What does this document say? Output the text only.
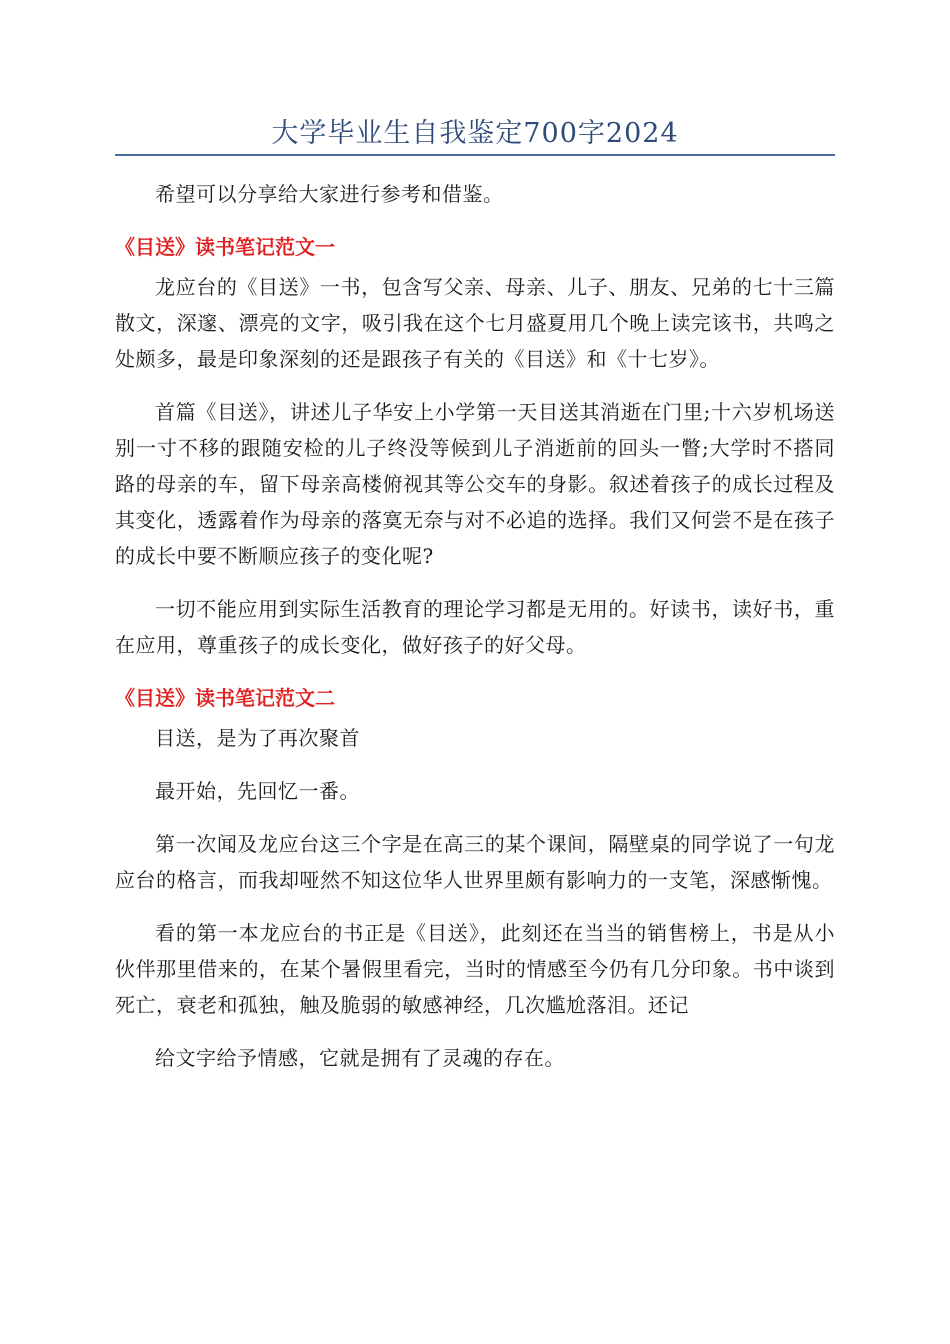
大学毕业生自我鉴定700字2024

希望可以分享给大家进行参考和借鉴。

《目送》读书笔记范文一

龙应台的《目送》一书，包含写父亲、母亲、儿子、朋友、兄弟的七十三篇散文，深邃、漂亮的文字，吸引我在这个七月盛夏用几个晚上读完该书，共鸣之处颇多，最是印象深刻的还是跟孩子有关的《目送》和《十七岁》。

首篇《目送》，讲述儿子华安上小学第一天目送其消逝在门里;十六岁机场送别一寸不移的跟随安检的儿子终没等候到儿子消逝前的回头一瞥;大学时不搭同路的母亲的车，留下母亲高楼俯视其等公交车的身影。叙述着孩子的成长过程及其变化，透露着作为母亲的落寞无奈与对不必追的选择。我们又何尝不是在孩子的成长中要不断顺应孩子的变化呢?

一切不能应用到实际生活教育的理论学习都是无用的。好读书，读好书，重在应用，尊重孩子的成长变化，做好孩子的好父母。

《目送》读书笔记范文二

目送，是为了再次聚首

最开始，先回忆一番。

第一次闻及龙应台这三个字是在高三的某个课间，隔壁桌的同学说了一句龙应台的格言，而我却哑然不知这位华人世界里颇有影响力的一支笔，深感惭愧。

看的第一本龙应台的书正是《目送》，此刻还在当当的销售榜上，书是从小伙伴那里借来的，在某个暑假里看完，当时的情感至今仍有几分印象。书中谈到死亡，衰老和孤独，触及脆弱的敏感神经，几次尴尬落泪。还记

给文字给予情感，它就是拥有了灵魂的存在。
